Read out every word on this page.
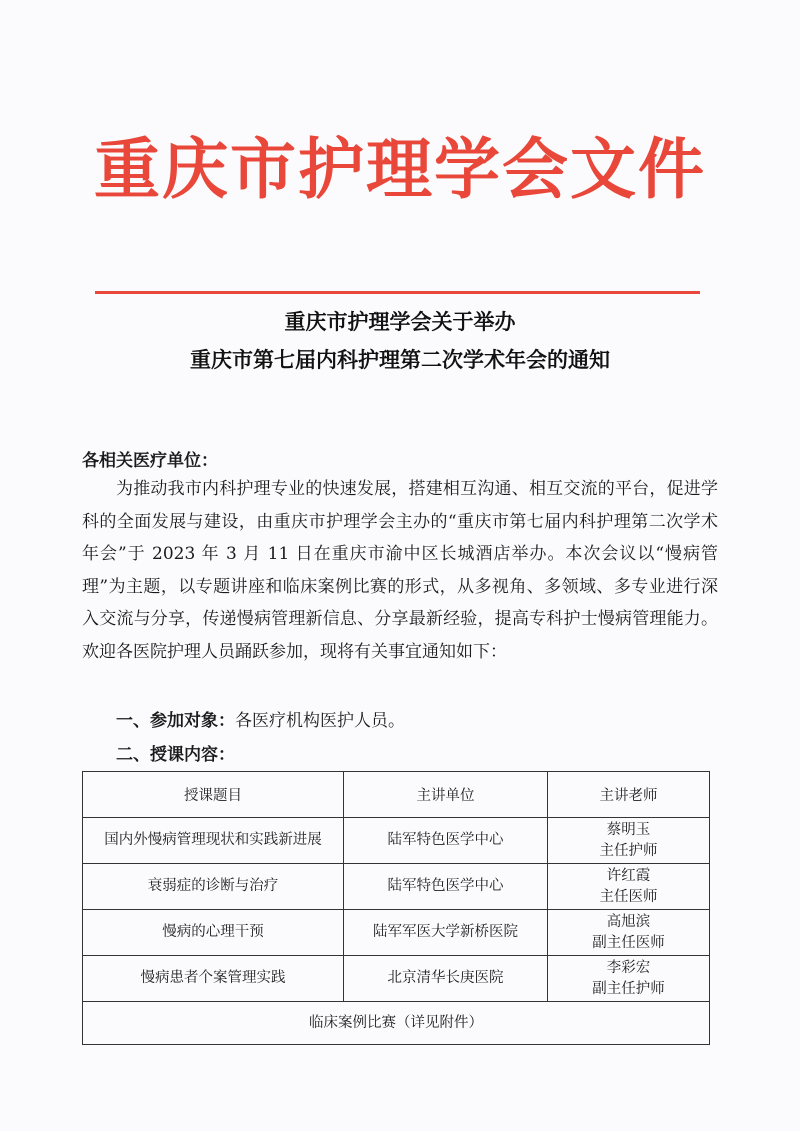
重庆市护理学会文件
重庆市护理学会关于举办
重庆市第七届内科护理第二次学术年会的通知
各相关医疗单位：
为推动我市内科护理专业的快速发展，搭建相互沟通、相互交流的平台，促进学科的全面发展与建设，由重庆市护理学会主办的“重庆市第七届内科护理第二次学术年会”于 2023 年 3 月 11 日在重庆市渝中区长城酒店举办。本次会议以“慢病管理”为主题，以专题讲座和临床案例比赛的形式，从多视角、多领域、多专业进行深入交流与分享，传递慢病管理新信息、分享最新经验，提高专科护士慢病管理能力。欢迎各医院护理人员踊跃参加，现将有关事宜通知如下：
一、参加对象：各医疗机构医护人员。
二、授课内容：
授课题目	主讲单位	主讲老师
国内外慢病管理现状和实践新进展	陆军特色医学中心	蔡明玉
主任护师

衰弱症的诊断与治疗	陆军特色医学中心	许红霞
主任医师

慢病的心理干预	陆军军医大学新桥医院	高旭滨
副主任医师

慢病患者个案管理实践	北京清华长庚医院	李彩宏
副主任护师

临床案例比赛（详见附件）		
